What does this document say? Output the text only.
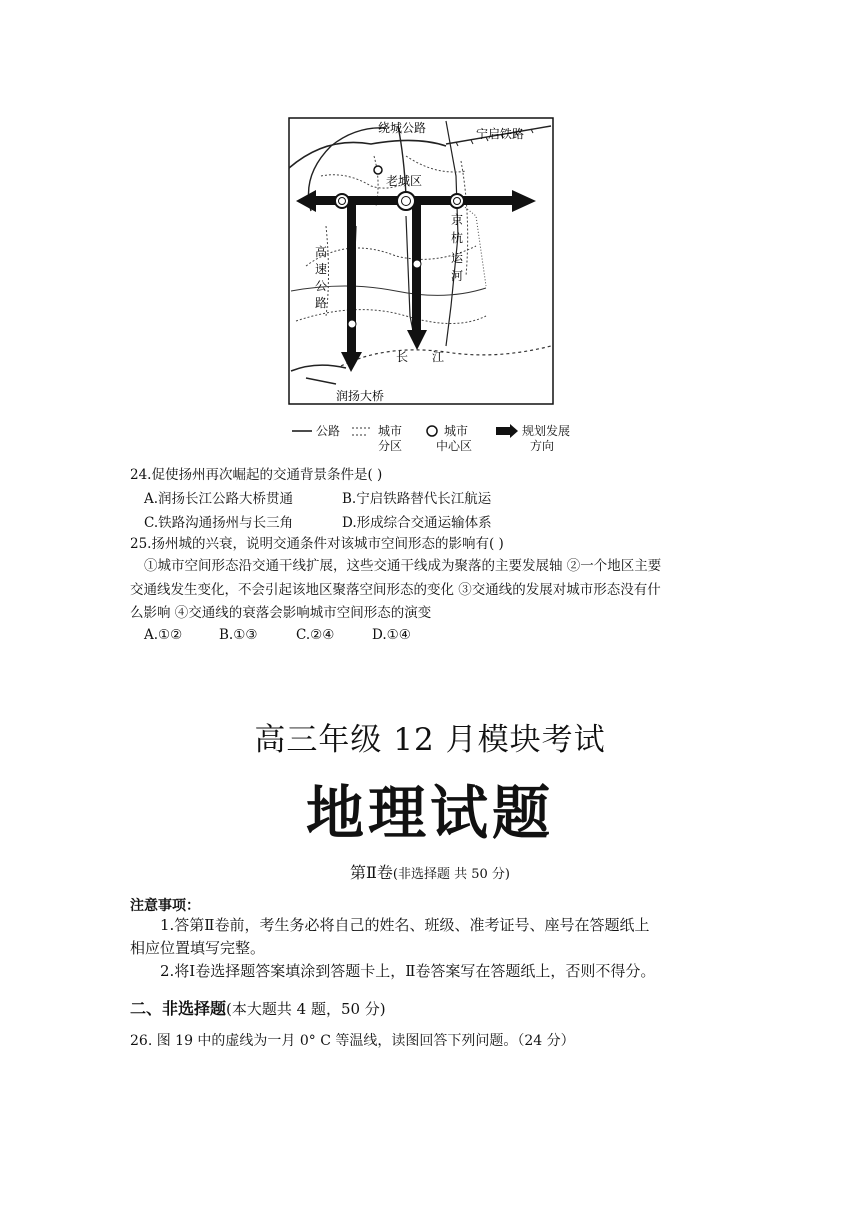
绕城公路	宁启铁路
老城区
京
杭
运
河
高
速
公
路
长 江
润扬大桥
公路	城市
分区
城市
中心区
规划发展
方向
24.促使扬州再次崛起的交通背景条件是( )
A.润扬长江公路大桥贯通	B.宁启铁路替代长江航运
C.铁路沟通扬州与长三角	D.形成综合交通运输体系
25.扬州城的兴衰，说明交通条件对该城市空间形态的影响有( )
①城市空间形态沿交通干线扩展，这些交通干线成为聚落的主要发展轴 ②一个地区主要
交通线发生变化，不会引起该地区聚落空间形态的变化 ③交通线的发展对城市形态没有什
么影响 ④交通线的衰落会影响城市空间形态的演变
A.①②	B.①③	C.②④	D.①④
高三年级 12 月模块考试
地理试题
第Ⅱ卷(非选择题 共 50 分)
注意事项：
1.答第Ⅱ卷前，考生务必将自己的姓名、班级、准考证号、座号在答题纸上
相应位置填写完整。
2.将Ⅰ卷选择题答案填涂到答题卡上，Ⅱ卷答案写在答题纸上，否则不得分。
二、非选择题(本大题共 4 题，50 分)
26. 图 19 中的虚线为一月 0° C 等温线，读图回答下列问题。（24 分）
